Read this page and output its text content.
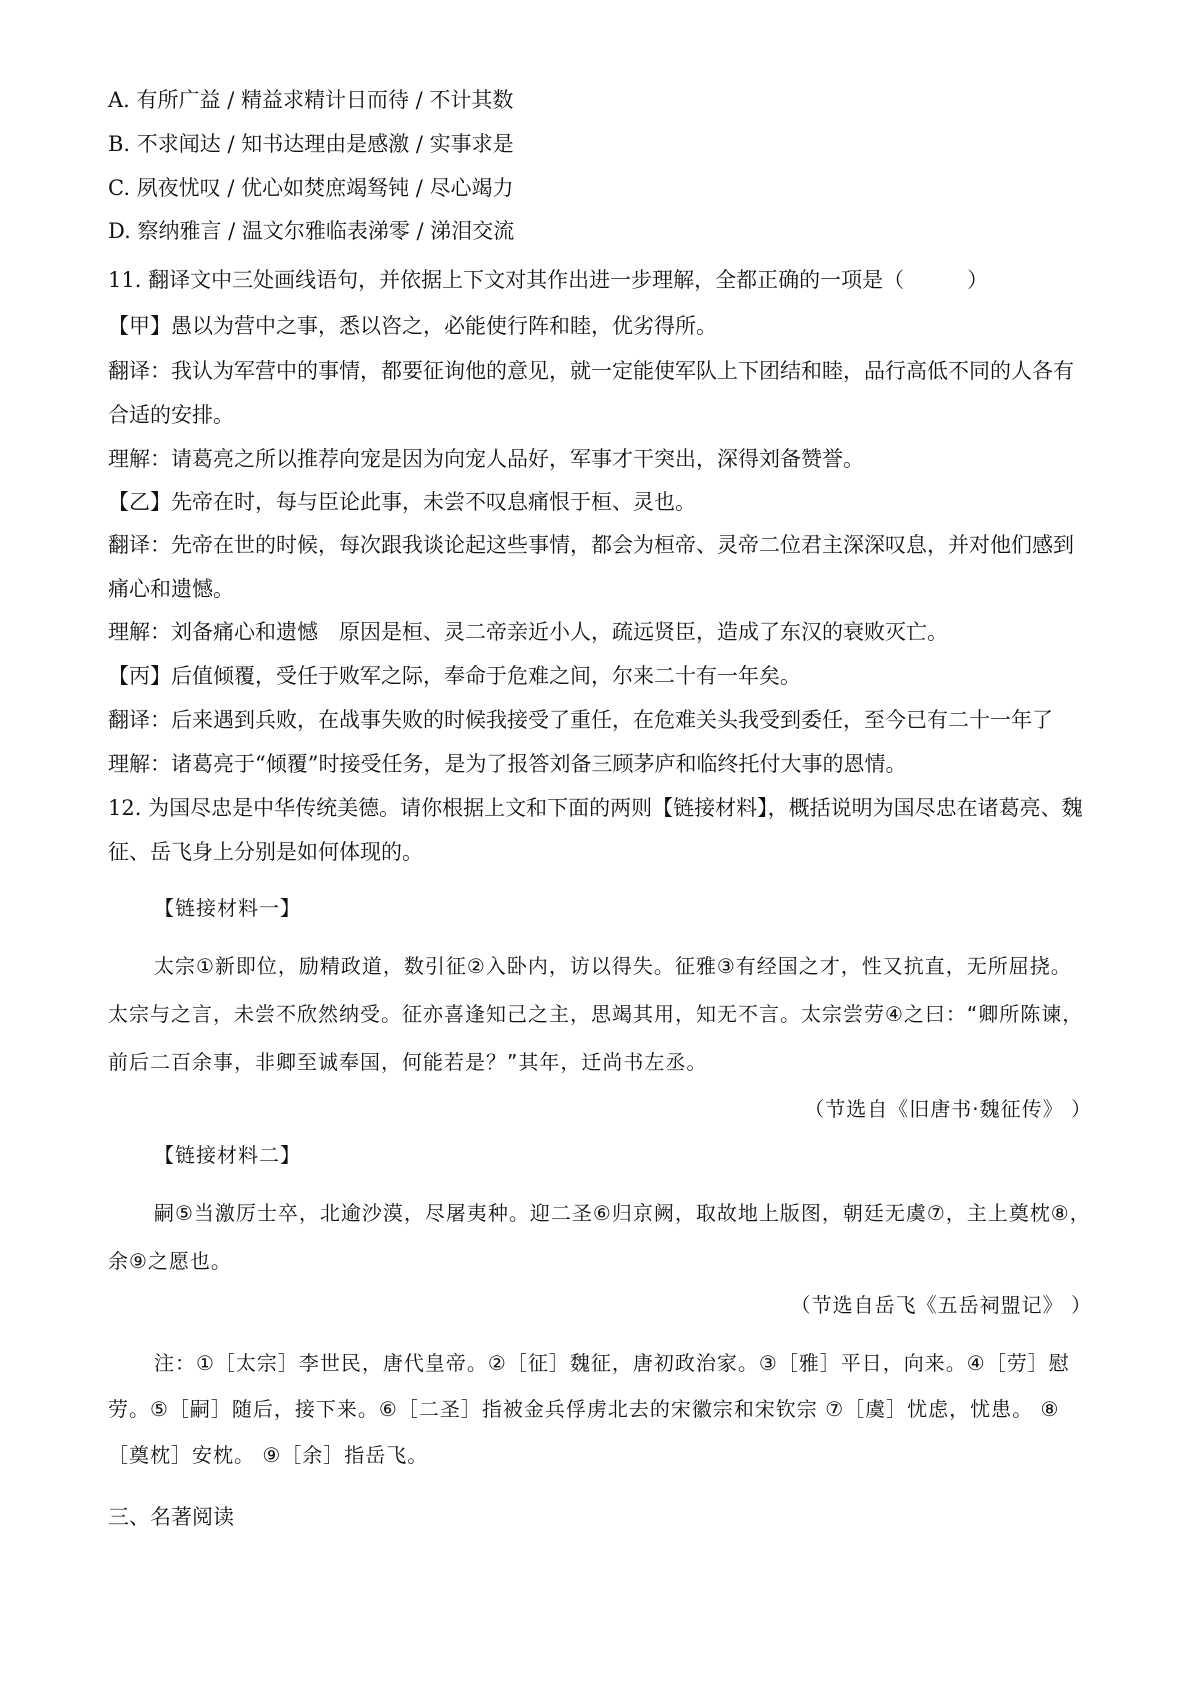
A. 有所广益 / 精益求精计日而待 / 不计其数
B. 不求闻达 / 知书达理由是感激 / 实事求是
C. 夙夜忧叹 / 优心如焚庶竭驽钝 / 尽心竭力
D. 察纳雅言 / 温文尔雅临表涕零 / 涕泪交流
11. 翻译文中三处画线语句，并依据上下文对其作出进一步理解，全都正确的一项是（　　　）
【甲】愚以为营中之事，悉以咨之，必能使行阵和睦，优劣得所。
翻译：我认为军营中的事情，都要征询他的意见，就一定能使军队上下团结和睦，品行高低不同的人各有
合适的安排。
理解：请葛亮之所以推荐向宠是因为向宠人品好，军事才干突出，深得刘备赞誉。
【乙】先帝在时，每与臣论此事，未尝不叹息痛恨于桓、灵也。
翻译：先帝在世的时候，每次跟我谈论起这些事情，都会为桓帝、灵帝二位君主深深叹息，并对他们感到
痛心和遗憾。
理解：刘备痛心和遗憾　原因是桓、灵二帝亲近小人，疏远贤臣，造成了东汉的衰败灭亡。
【丙】后值倾覆，受任于败军之际，奉命于危难之间，尔来二十有一年矣。
翻译：后来遇到兵败，在战事失败的时候我接受了重任，在危难关头我受到委任，至今已有二十一年了
理解：诸葛亮于“倾覆”时接受任务，是为了报答刘备三顾茅庐和临终托付大事的恩情。
12. 为国尽忠是中华传统美德。请你根据上文和下面的两则【链接材料】，概括说明为国尽忠在诸葛亮、魏
征、岳飞身上分别是如何体现的。
【链接材料一】
太宗①新即位，励精政道，数引征②入卧内，访以得失。征雅③有经国之才，性又抗直，无所屈挠。太宗与之言，未尝不欣然纳受。征亦喜逢知己之主，思竭其用，知无不言。太宗尝劳④之曰：“卿所陈谏，前后二百余事，非卿至诚奉国，何能若是？”其年，迁尚书左丞。
（节选自《旧唐书·魏征传》 ）
【链接材料二】
嗣⑤当激厉士卒，北逾沙漠，尽屠夷种。迎二圣⑥归京阙，取故地上版图，朝廷无虞⑦，主上奠枕⑧，余⑨之愿也。
（节选自岳飞《五岳祠盟记》 ）
注：①［太宗］李世民，唐代皇帝。②［征］魏征，唐初政治家。③［雅］平日，向来。④［劳］慰劳。⑤［嗣］随后，接下来。⑥［二圣］指被金兵俘虏北去的宋徽宗和宋钦宗 ⑦［虞］忧虑，忧患。 ⑧［奠枕］安枕。 ⑨［余］指岳飞。
三、名著阅读
